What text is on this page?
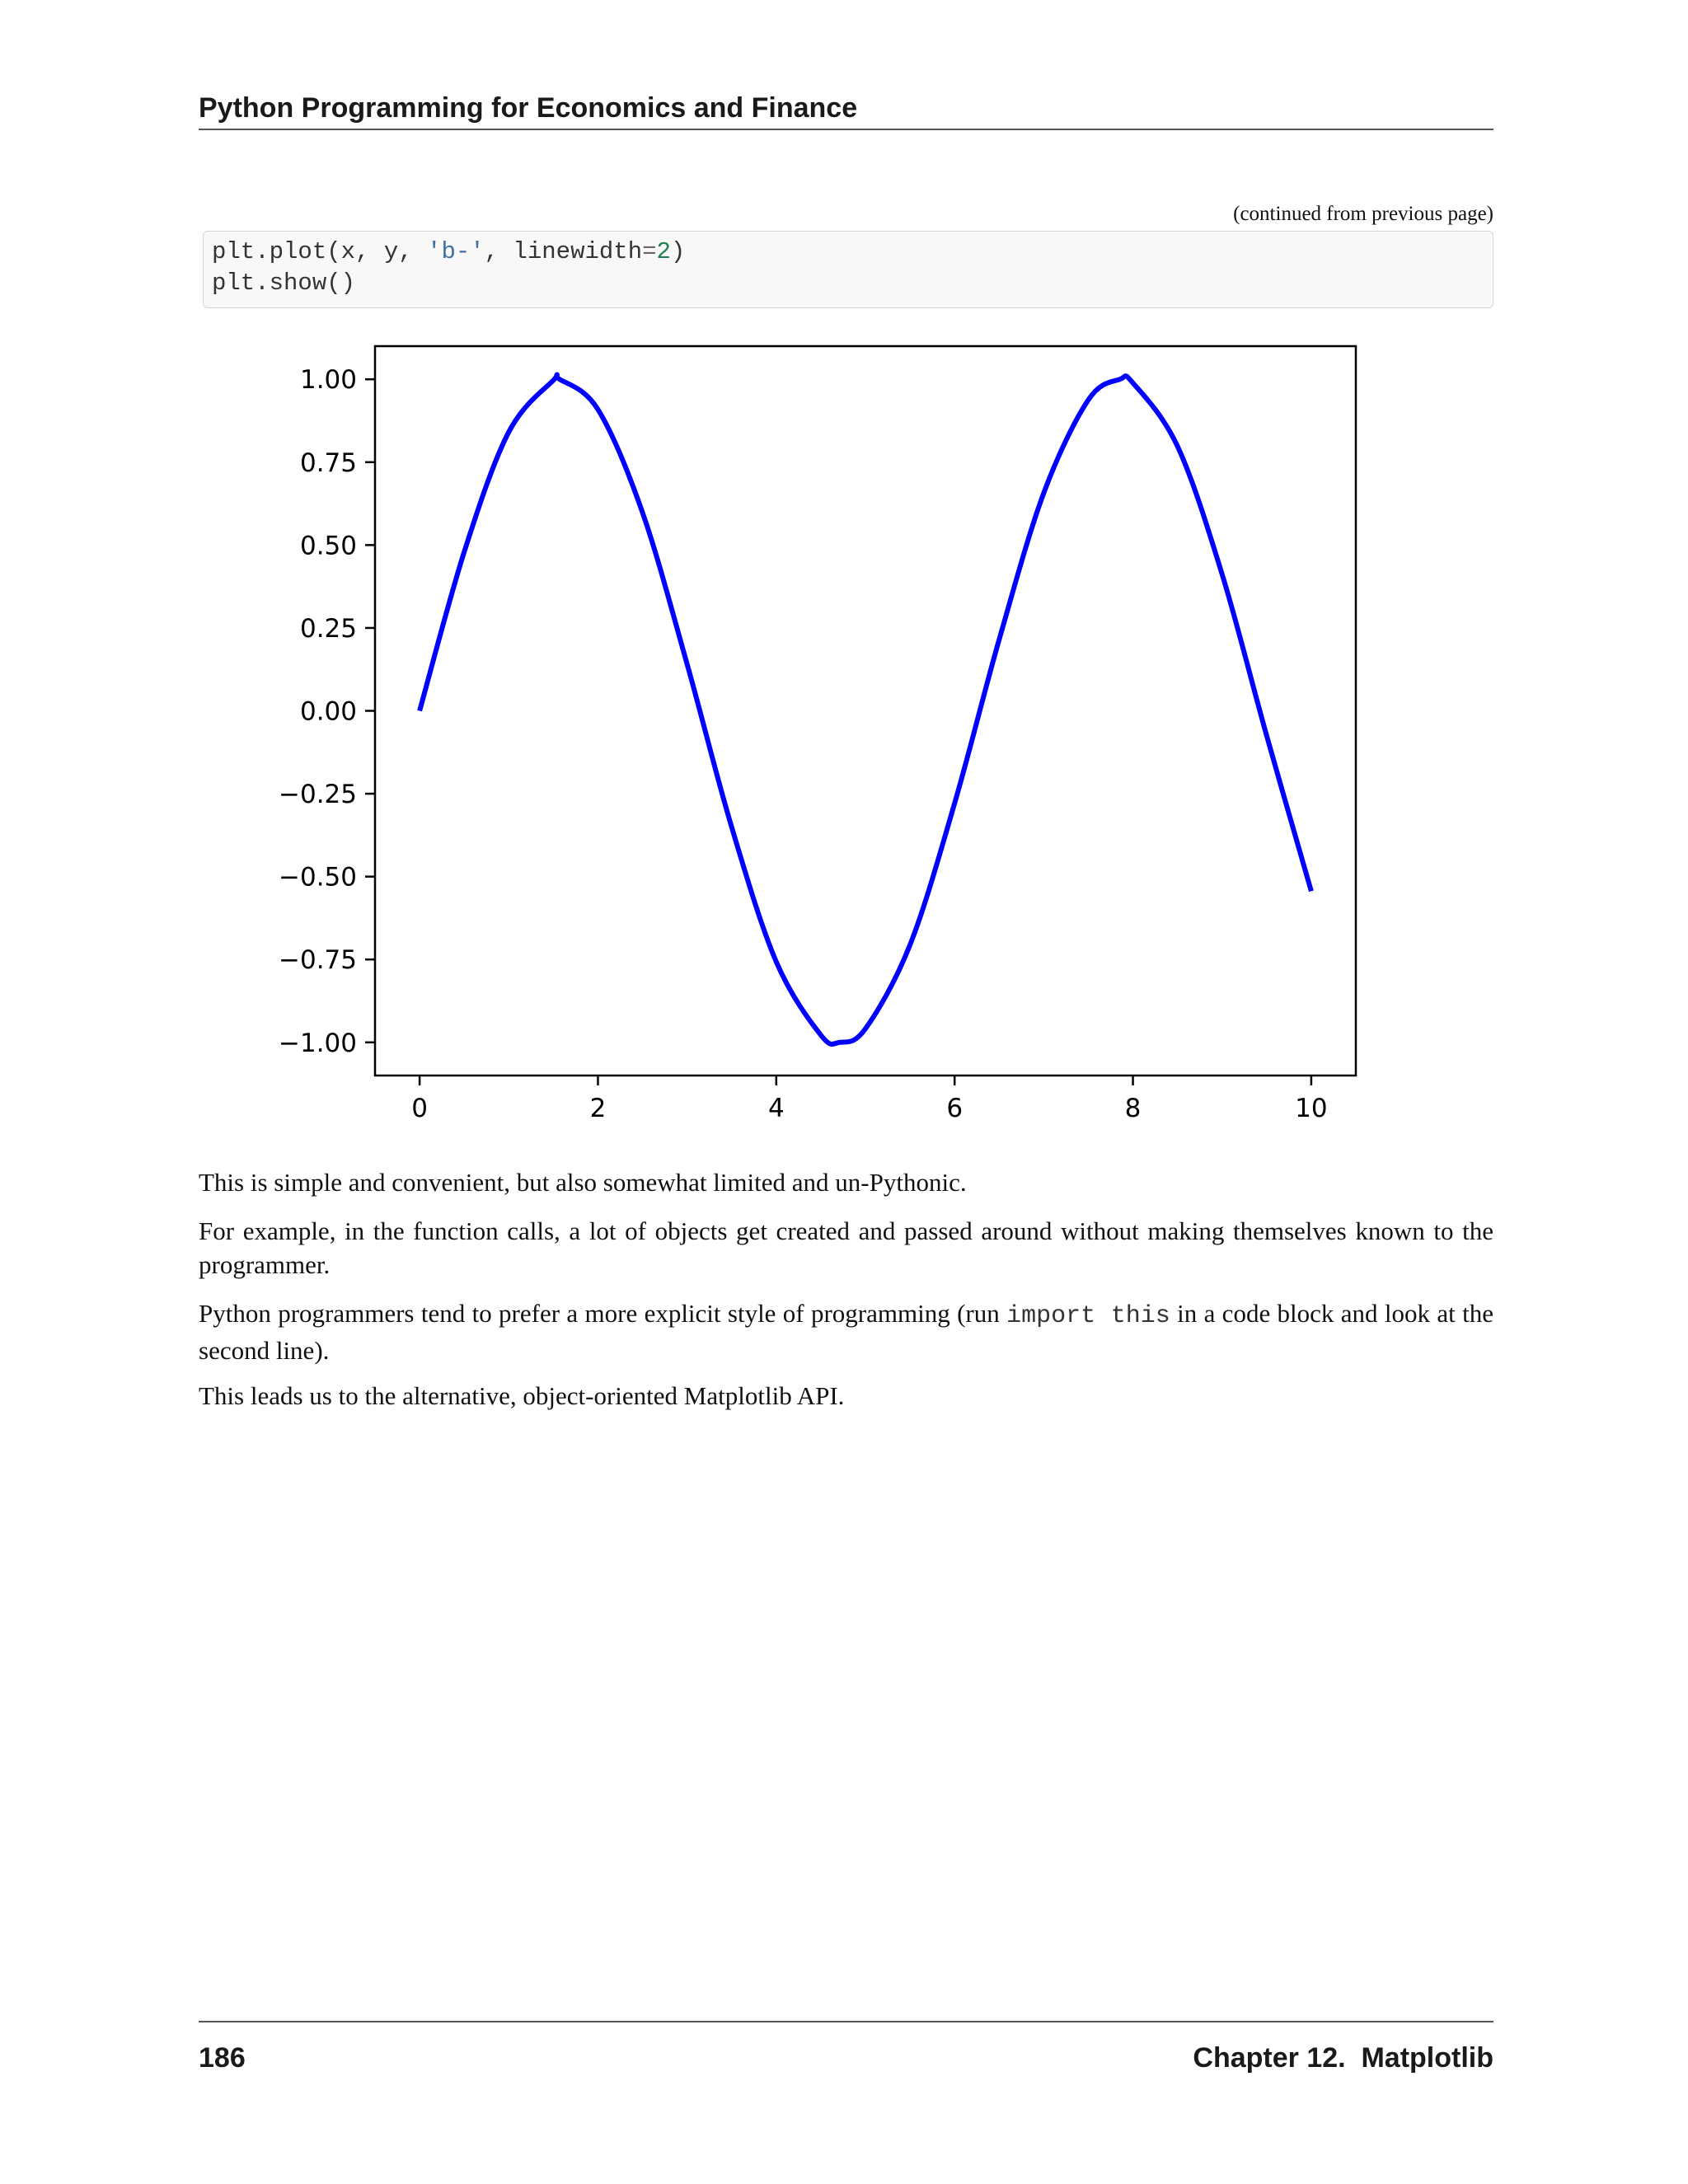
Python Programming for Economics and Finance
(continued from previous page)
plt.plot(x, y, 'b-', linewidth=2)
plt.show()
1.00
0.75
0.50
0.25
0.00
−0.25
−0.50
−0.75
−1.00
0	2	4	6	8	10
This is simple and convenient, but also somewhat limited and un-Pythonic.
For example, in the function calls, a lot of objects get created and passed around without making themselves known to the programmer.
Python programmers tend to prefer a more explicit style of programming (run import this in a code block and look at the second line).
This leads us to the alternative, object-oriented Matplotlib API.
186	Chapter 12.  Matplotlib
